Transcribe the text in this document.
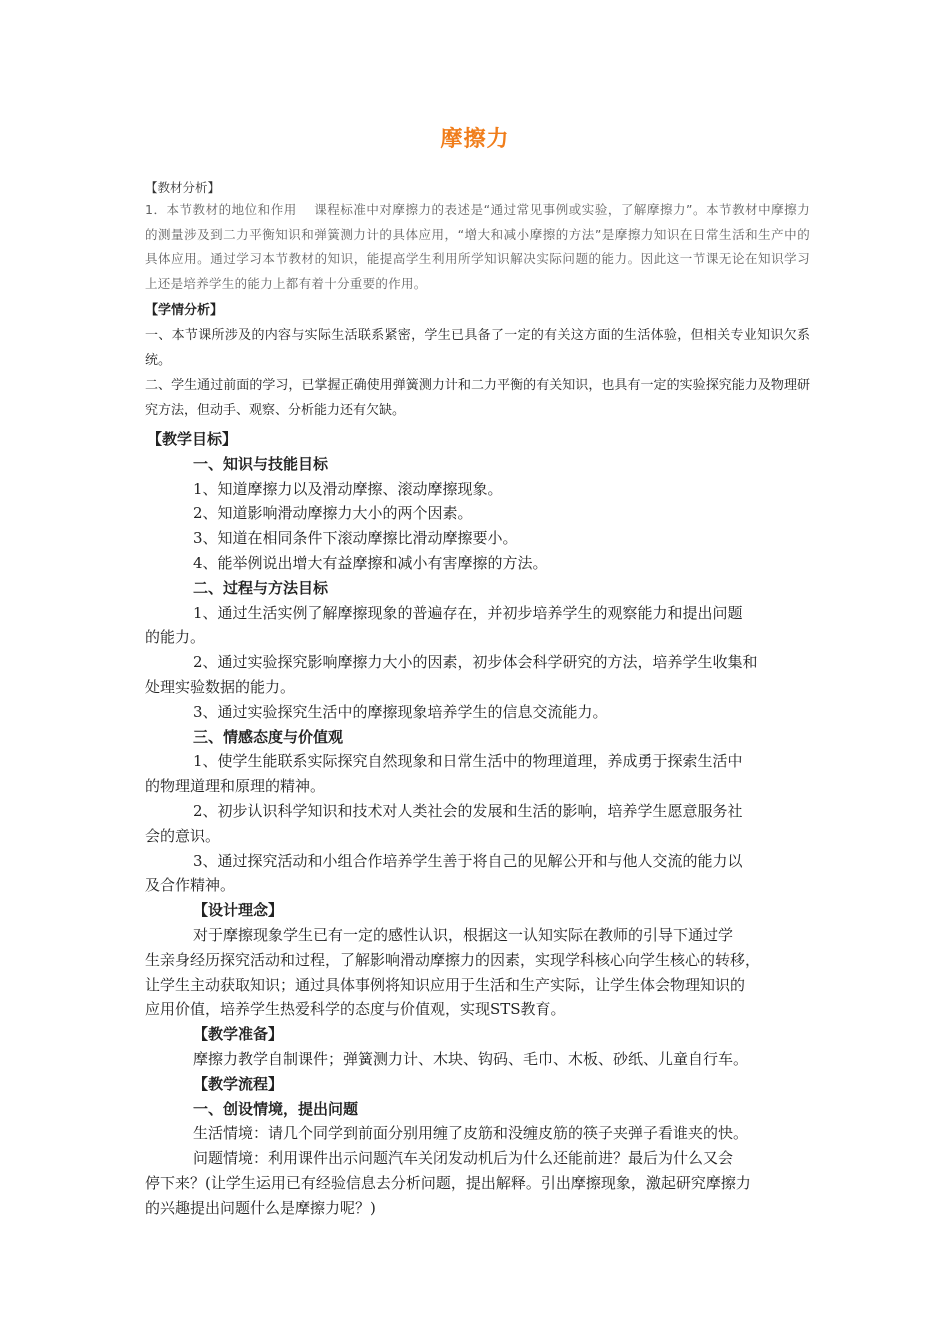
摩擦力
【教材分析】
1．本节教材的地位和作用　 课程标准中对摩擦力的表述是“通过常见事例或实验，了解摩擦力”。本节教材中摩擦力的测量涉及到二力平衡知识和弹簧测力计的具体应用，“增大和减小摩擦的方法”是摩擦力知识在日常生活和生产中的具体应用。通过学习本节教材的知识，能提高学生利用所学知识解决实际问题的能力。因此这一节课无论在知识学习上还是培养学生的能力上都有着十分重要的作用。
【学情分析】
一、本节课所涉及的内容与实际生活联系紧密，学生已具备了一定的有关这方面的生活体验，但相关专业知识欠系统。
二、学生通过前面的学习，已掌握正确使用弹簧测力计和二力平衡的有关知识，也具有一定的实验探究能力及物理研究方法，但动手、观察、分析能力还有欠缺。
【教学目标】
一、知识与技能目标
1、知道摩擦力以及滑动摩擦、滚动摩擦现象。
2、知道影响滑动摩擦力大小的两个因素。
3、知道在相同条件下滚动摩擦比滑动摩擦要小。
4、能举例说出增大有益摩擦和减小有害摩擦的方法。
二、过程与方法目标
1、通过生活实例了解摩擦现象的普遍存在，并初步培养学生的观察能力和提出问题
的能力。
2、通过实验探究影响摩擦力大小的因素，初步体会科学研究的方法，培养学生收集和
处理实验数据的能力。
3、通过实验探究生活中的摩擦现象培养学生的信息交流能力。
三、情感态度与价值观
1、使学生能联系实际探究自然现象和日常生活中的物理道理，养成勇于探索生活中
的物理道理和原理的精神。
2、初步认识科学知识和技术对人类社会的发展和生活的影响，培养学生愿意服务社
会的意识。
3、通过探究活动和小组合作培养学生善于将自己的见解公开和与他人交流的能力以
及合作精神。
【设计理念】
对于摩擦现象学生已有一定的感性认识，根据这一认知实际在教师的引导下通过学
生亲身经历探究活动和过程，了解影响滑动摩擦力的因素，实现学科核心向学生核心的转移，
让学生主动获取知识；通过具体事例将知识应用于生活和生产实际，让学生体会物理知识的
应用价值，培养学生热爱科学的态度与价值观，实现STS教育。
【教学准备】
摩擦力教学自制课件；弹簧测力计、木块、钩码、毛巾、木板、砂纸、儿童自行车。
【教学流程】
一、创设情境，提出问题
生活情境：请几个同学到前面分别用缠了皮筋和没缠皮筋的筷子夹弹子看谁夹的快。
问题情境：利用课件出示问题汽车关闭发动机后为什么还能前进？最后为什么又会
停下来？(让学生运用已有经验信息去分析问题，提出解释。引出摩擦现象，激起研究摩擦力
的兴趣提出问题什么是摩擦力呢？)
